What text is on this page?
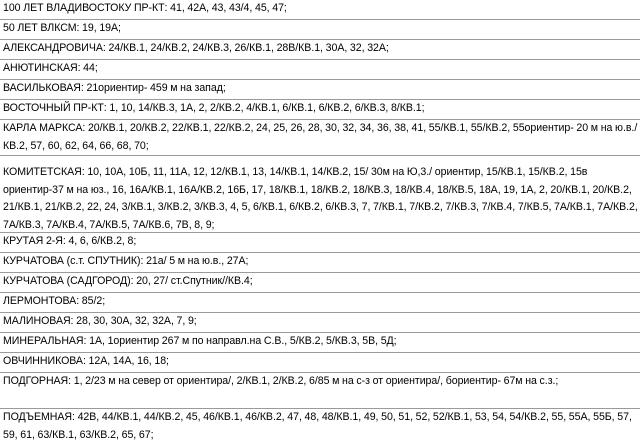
100 ЛЕТ ВЛАДИВОСТОКУ ПР-КТ: 41, 42А, 43, 43/4, 45, 47;
50 ЛЕТ ВЛКСМ: 19, 19А;
АЛЕКСАНДРОВИЧА: 24/КВ.1, 24/КВ.2, 24/КВ.3, 26/КВ.1, 28В/КВ.1, 30А, 32, 32А;
АНЮТИНСКАЯ: 44;
ВАСИЛЬКОВАЯ: 21ориентир- 459 м на запад;
ВОСТОЧНЫЙ ПР-КТ: 1, 10, 14/КВ.3, 1А, 2, 2/КВ.2, 4/КВ.1, 6/КВ.1, 6/КВ.2, 6/КВ.3, 8/КВ.1;
КАРЛА МАРКСА: 20/КВ.1, 20/КВ.2, 22/КВ.1, 22/КВ.2, 24, 25, 26, 28, 30, 32, 34, 36, 38, 41, 55/КВ.1, 55/КВ.2, 55ориентир- 20 м на ю.в./КВ.2, 57, 60, 62, 64, 66, 68, 70;
КОМИТЕТСКАЯ: 10, 10А, 10Б, 11, 11А, 12, 12/КВ.1, 13, 14/КВ.1, 14/КВ.2, 15/ 30м на Ю,3./ ориентир, 15/КВ.1, 15/КВ.2, 15в ориентир-37 м на юз., 16, 16А/КВ.1, 16А/КВ.2, 16Б, 17, 18/КВ.1, 18/КВ.2, 18/КВ.3, 18/КВ.4, 18/КВ.5, 18А, 19, 1А, 2, 20/КВ.1, 20/КВ.2, 21/КВ.1, 21/КВ.2, 22, 24, 3/КВ.1, 3/КВ.2, 3/КВ.3, 4, 5, 6/КВ.1, 6/КВ.2, 6/КВ.3, 7, 7/КВ.1, 7/КВ.2, 7/КВ.3, 7/КВ.4, 7/КВ.5, 7А/КВ.1, 7А/КВ.2, 7А/КВ.3, 7А/КВ.4, 7А/КВ.5, 7А/КВ.6, 7В, 8, 9;
КРУТАЯ 2-Я: 4, 6, 6/КВ.2, 8;
КУРЧАТОВА (с.т. СПУТНИК): 21а/ 5 м на ю.в., 27А;
КУРЧАТОВА (САДГОРОД): 20, 27/ ст.Спутник//КВ.4;
ЛЕРМОНТОВА: 85/2;
МАЛИНОВАЯ: 28, 30, 30А, 32, 32А, 7, 9;
МИНЕРАЛЬНАЯ: 1А, 1ориентир 267 м по направл.на С.В., 5/КВ.2, 5/КВ.3, 5В, 5Д;
ОВЧИННИКОВА: 12А, 14А, 16, 18;
ПОДГОРНАЯ: 1, 2/23 м на север от ориентира/, 2/КВ.1, 2/КВ.2, 6/85 м на с-з от ориентира/, бориентир- 67м на с.з.;
ПОДЪЕМНАЯ: 42В, 44/КВ.1, 44/КВ.2, 45, 46/КВ.1, 46/КВ.2, 47, 48, 48/КВ.1, 49, 50, 51, 52, 52/КВ.1, 53, 54, 54/КВ.2, 55, 55А, 55Б, 57, 59, 61, 63/КВ.1, 63/КВ.2, 65, 67;
